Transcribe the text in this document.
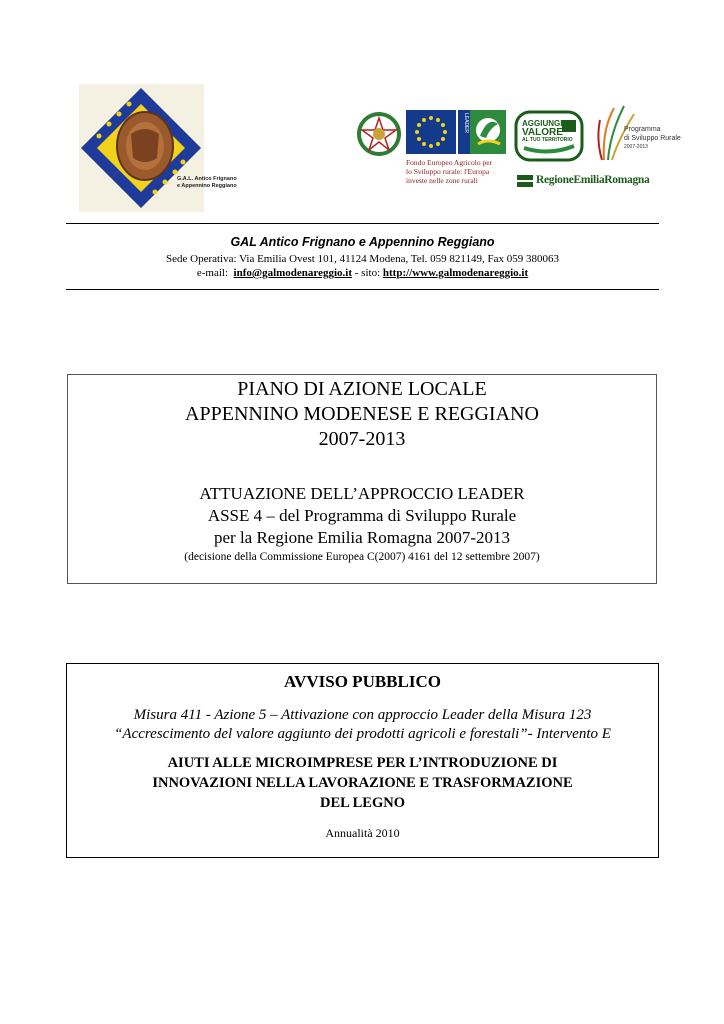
G.A.L. Antico Frignano
e Appennino Reggiano
LEADER
Fondo Europeo Agricolo per
lo Sviluppo rurale: l'Europa
investe nelle zone rurali
AGGIUNGI
VALORE
AL TUO TERRITORIO
Programma
di Sviluppo Rurale
2007-2013
RegioneEmiliaRomagna
GAL Antico Frignano e Appennino Reggiano
Sede Operativa: Via Emilia Ovest 101, 41124 Modena, Tel. 059 821149, Fax 059 380063
e-mail: info@galmodenareggio.it - sito: http://www.galmodenareggio.it
PIANO DI AZIONE LOCALE
APPENNINO MODENESE E REGGIANO
2007-2013
ATTUAZIONE DELL’APPROCCIO LEADER
ASSE 4 – del Programma di Sviluppo Rurale
per la Regione Emilia Romagna 2007-2013
(decisione della Commissione Europea C(2007) 4161 del 12 settembre 2007)
AVVISO PUBBLICO
Misura 411 - Azione 5 – Attivazione con approccio Leader della Misura 123
“Accrescimento del valore aggiunto dei prodotti agricoli e forestali”- Intervento E
AIUTI ALLE MICROIMPRESE PER L’INTRODUZIONE DI
INNOVAZIONI NELLA LAVORAZIONE E TRASFORMAZIONE
DEL LEGNO
Annualità 2010
